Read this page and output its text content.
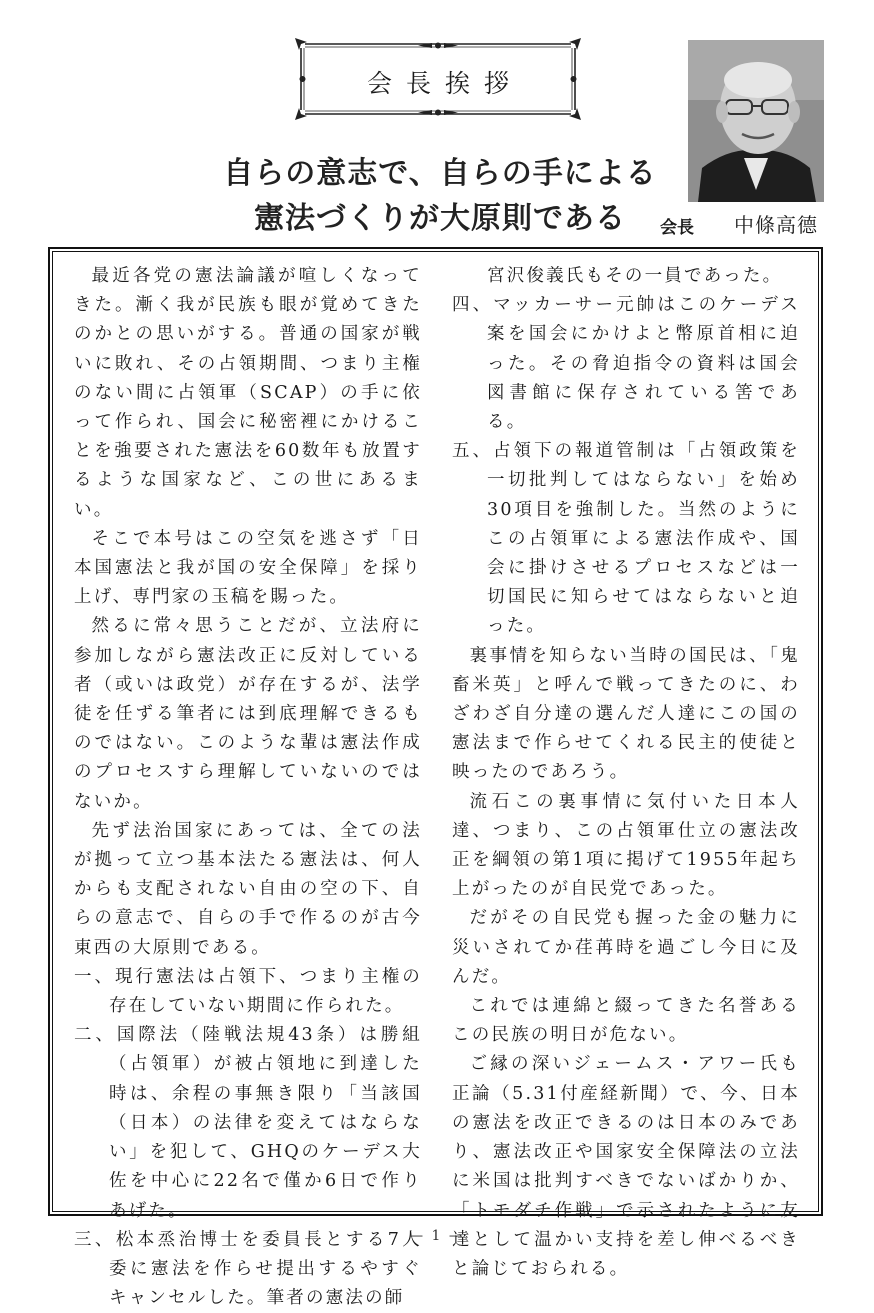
会長挨拶
自らの意志で、自らの手による
憲法づくりが大原則である	会長 中條高德

最近各党の憲法論議が喧しくなってきた。漸く我が民族も眼が覚めてきたのかとの思いがする。普通の国家が戦いに敗れ、その占領期間、つまり主権のない間に占領軍（SCAP）の手に依って作られ、国会に秘密裡にかけることを強要された憲法を60数年も放置するような国家など、この世にあるまい。

そこで本号はこの空気を逃さず「日本国憲法と我が国の安全保障」を採り上げ、専門家の玉稿を賜った。

然るに常々思うことだが、立法府に参加しながら憲法改正に反対している者（或いは政党）が存在するが、法学徒を任ずる筆者には到底理解できるものではない。このような輩は憲法作成のプロセスすら理解していないのではないか。

先ず法治国家にあっては、全ての法が拠って立つ基本法たる憲法は、何人からも支配されない自由の空の下、自らの意志で、自らの手で作るのが古今東西の大原則である。

一、現行憲法は占領下、つまり主権の存在していない期間に作られた。

二、国際法（陸戦法規43条）は勝組（占領軍）が被占領地に到達した時は、余程の事無き限り「当該国（日本）の法律を変えてはならない」を犯して、GHQのケーデス大佐を中心に22名で僅か6日で作りあげた。

三、松本烝治博士を委員長とする7人委に憲法を作らせ提出するやすぐキャンセルした。筆者の憲法の師

宮沢俊義氏もその一員であった。

四、マッカーサー元帥はこのケーデス案を国会にかけよと幣原首相に迫った。その脅迫指令の資料は国会図書館に保存されている筈である。

五、占領下の報道管制は「占領政策を一切批判してはならない」を始め30項目を強制した。当然のようにこの占領軍による憲法作成や、国会に掛けさせるプロセスなどは一切国民に知らせてはならないと迫った。

裏事情を知らない当時の国民は、「鬼畜米英」と呼んで戦ってきたのに、わざわざ自分達の選んだ人達にこの国の憲法まで作らせてくれる民主的使徒と映ったのであろう。

流石この裏事情に気付いた日本人達、つまり、この占領軍仕立の憲法改正を綱領の第1項に掲げて1955年起ち上がったのが自民党であった。

だがその自民党も握った金の魅力に災いされてか荏苒時を過ごし今日に及んだ。

これでは連綿と綴ってきた名誉あるこの民族の明日が危ない。

ご縁の深いジェームス・アワー氏も正論（5.31付産経新聞）で、今、日本の憲法を改正できるのは日本のみであり、憲法改正や国家安全保障法の立法に米国は批判すべきでないばかりか、「トモダチ作戦」で示されたように友達として温かい支持を差し伸べるべきと論じておられる。

— 1 —
